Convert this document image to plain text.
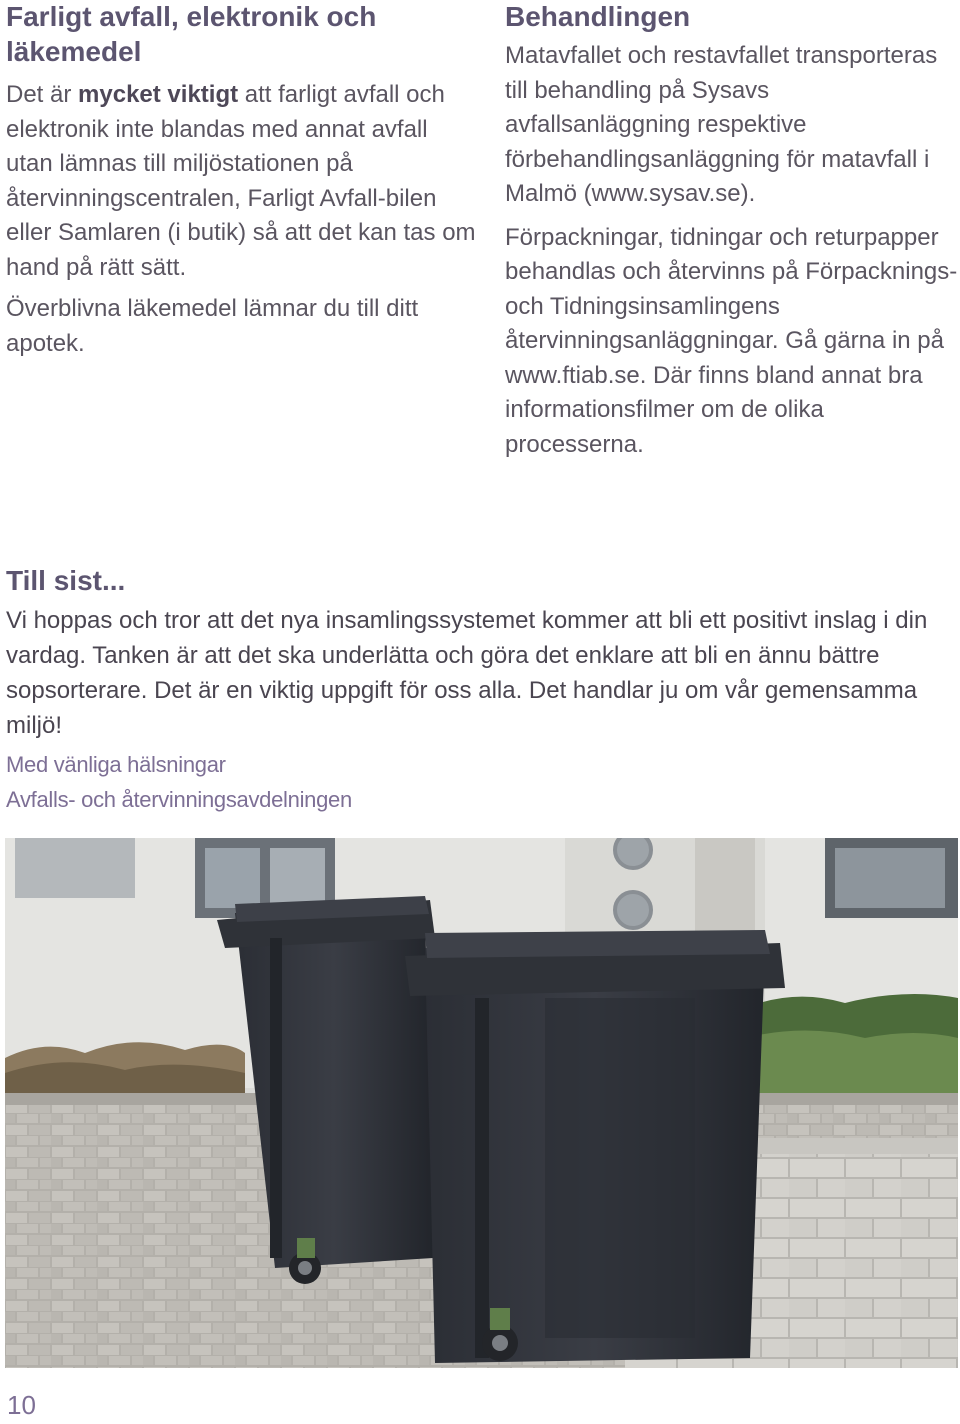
Farligt avfall, elektronik och läkemedel

Det är mycket viktigt att farligt avfall och elektronik inte blandas med annat avfall utan lämnas till miljöstationen på återvinningscentralen, Farligt Avfall-bilen eller Samlaren (i butik) så att det kan tas om hand på rätt sätt.

Överblivna läkemedel lämnar du till ditt apotek.

Behandlingen

Matavfallet och restavfallet transporteras till behandling på Sysavs avfallsanläggning respektive förbehandlingsanläggning för matavfall i Malmö (www.sysav.se).

Förpackningar, tidningar och returpapper behandlas och återvinns på Förpacknings- och Tidningsinsamlingens återvinningsanläggningar. Gå gärna in på www.ftiab.se. Där finns bland annat bra informationsfilmer om de olika processerna.

Till sist...

Vi hoppas och tror att det nya insamlingssystemet kommer att bli ett positivt inslag i din vardag. Tanken är att det ska underlätta och göra det enklare att bli en ännu bättre sopsorterare. Det är en viktig uppgift för oss alla. Det handlar ju om vår gemensamma miljö!

Med vänliga hälsningar
Avfalls- och återvinningsavdelningen
10
